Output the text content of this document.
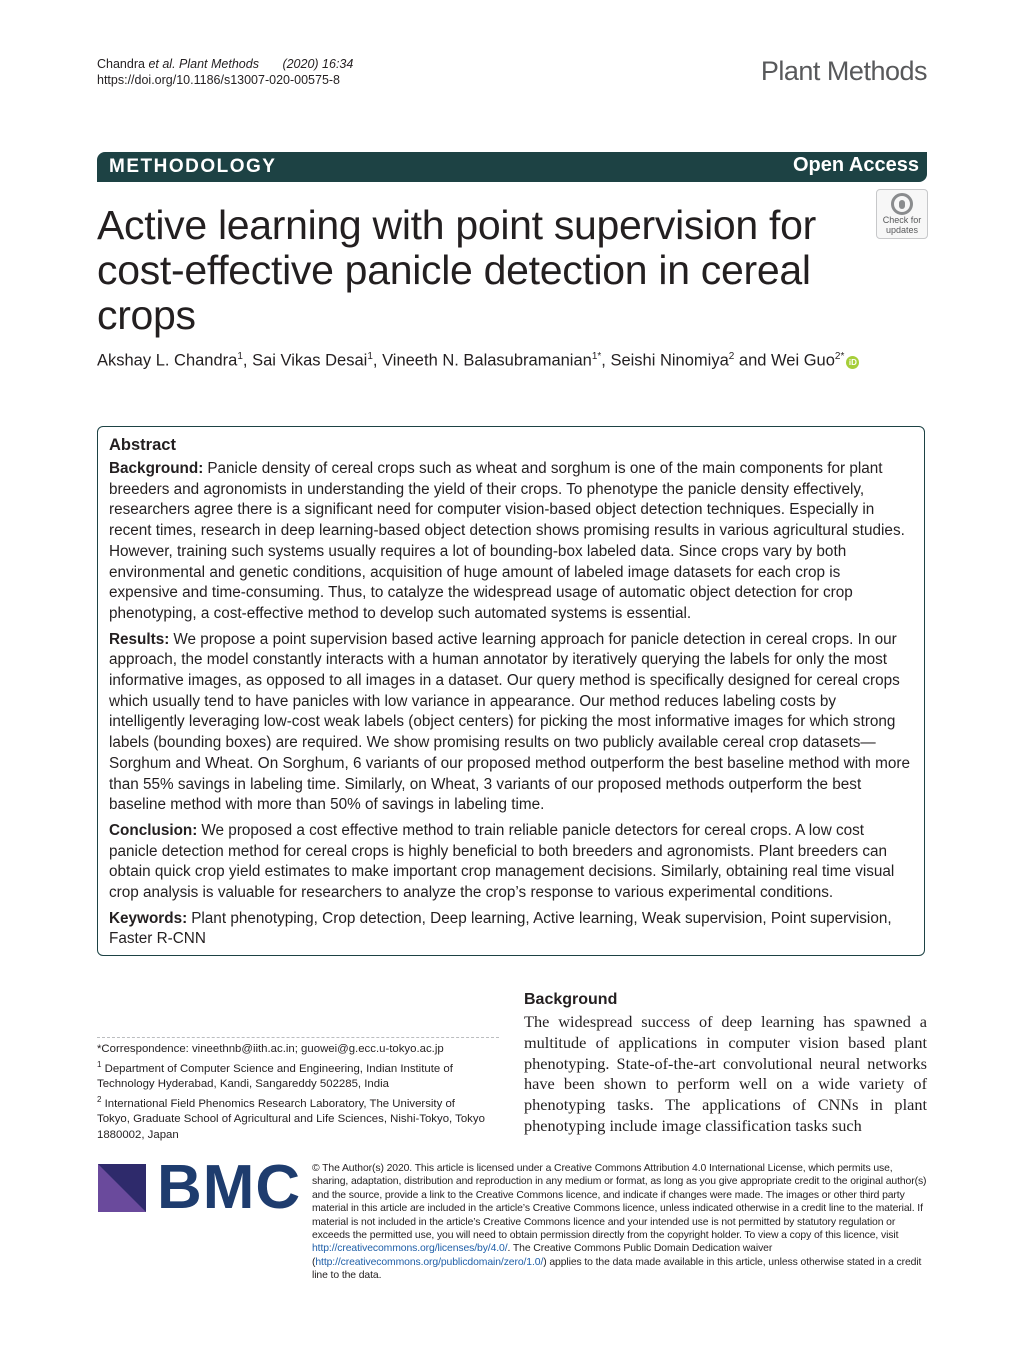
Chandra et al. Plant Methods (2020) 16:34
https://doi.org/10.1186/s13007-020-00575-8	Plant Methods
METHODOLOGY	Open Access
Active learning with point supervision for cost-effective panicle detection in cereal crops
Check for
updates
Akshay L. Chandra$^1$, Sai Vikas Desai$^1$, Vineeth N. Balasubramanian$^{1*}$, Seishi Ninomiya$^2$ and Wei Guo$^{2*}$ iD
Abstract

Background: Panicle density of cereal crops such as wheat and sorghum is one of the main components for plant breeders and agronomists in understanding the yield of their crops. To phenotype the panicle density effectively, researchers agree there is a significant need for computer vision-based object detection techniques. Especially in recent times, research in deep learning-based object detection shows promising results in various agricultural studies. However, training such systems usually requires a lot of bounding-box labeled data. Since crops vary by both environmental and genetic conditions, acquisition of huge amount of labeled image datasets for each crop is expensive and time-consuming. Thus, to catalyze the widespread usage of automatic object detection for crop phenotyping, a cost-effective method to develop such automated systems is essential.

Results: We propose a point supervision based active learning approach for panicle detection in cereal crops. In our approach, the model constantly interacts with a human annotator by iteratively querying the labels for only the most informative images, as opposed to all images in a dataset. Our query method is specifically designed for cereal crops which usually tend to have panicles with low variance in appearance. Our method reduces labeling costs by intelligently leveraging low-cost weak labels (object centers) for picking the most informative images for which strong labels (bounding boxes) are required. We show promising results on two publicly available cereal crop datasets—Sorghum and Wheat. On Sorghum, 6 variants of our proposed method outperform the best baseline method with more than 55% savings in labeling time. Similarly, on Wheat, 3 variants of our proposed methods outperform the best baseline method with more than 50% of savings in labeling time.

Conclusion: We proposed a cost effective method to train reliable panicle detectors for cereal crops. A low cost panicle detection method for cereal crops is highly beneficial to both breeders and agronomists. Plant breeders can obtain quick crop yield estimates to make important crop management decisions. Similarly, obtaining real time visual crop analysis is valuable for researchers to analyze the crop’s response to various experimental conditions.

Keywords: Plant phenotyping, Crop detection, Deep learning, Active learning, Weak supervision, Point supervision, Faster R-CNN

*Correspondence: vineethnb@iith.ac.in; guowei@g.ecc.u-tokyo.ac.jp
$^1$ Department of Computer Science and Engineering, Indian Institute of Technology Hyderabad, Kandi, Sangareddy 502285, India
$^2$ International Field Phenomics Research Laboratory, The University of Tokyo, Graduate School of Agricultural and Life Sciences, Nishi-Tokyo, Tokyo 1880002, Japan
Background
The widespread success of deep learning has spawned a multitude of applications in computer vision based plant phenotyping. State-of-the-art convolutional neural networks have been shown to perform well on a wide variety of phenotyping tasks. The applications of CNNs in plant phenotyping include image classification tasks such
BMC © The Author(s) 2020. This article is licensed under a Creative Commons Attribution 4.0 International License, which permits use, sharing, adaptation, distribution and reproduction in any medium or format, as long as you give appropriate credit to the original author(s) and the source, provide a link to the Creative Commons licence, and indicate if changes were made. The images or other third party material in this article are included in the article’s Creative Commons licence, unless indicated otherwise in a credit line to the material. If material is not included in the article’s Creative Commons licence and your intended use is not permitted by statutory regulation or exceeds the permitted use, you will need to obtain permission directly from the copyright holder. To view a copy of this licence, visit http://creativecommons.org/licenses/by/4.0/. The Creative Commons Public Domain Dedication waiver (http://creativecommons.org/publicdomain/zero/1.0/) applies to the data made available in this article, unless otherwise stated in a credit line to the data.
